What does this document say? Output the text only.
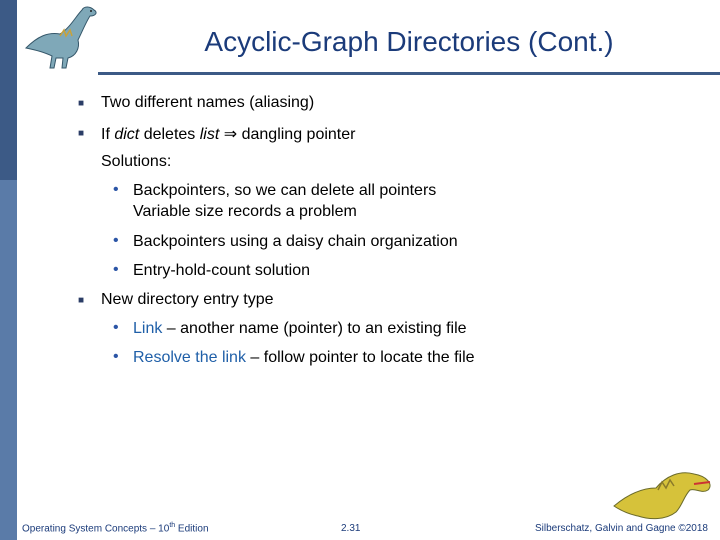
Acyclic-Graph Directories (Cont.)
■ Two different names (aliasing)
■ If dict deletes list ⇒ dangling pointer
Solutions:
• Backpointers, so we can delete all pointers
Variable size records a problem
• Backpointers using a daisy chain organization
• Entry-hold-count solution
■ New directory entry type
• Link – another name (pointer) to an existing file
• Resolve the link – follow pointer to locate the file
Operating System Concepts – 10th Edition	2.31	Silberschatz, Galvin and Gagne ©2018
